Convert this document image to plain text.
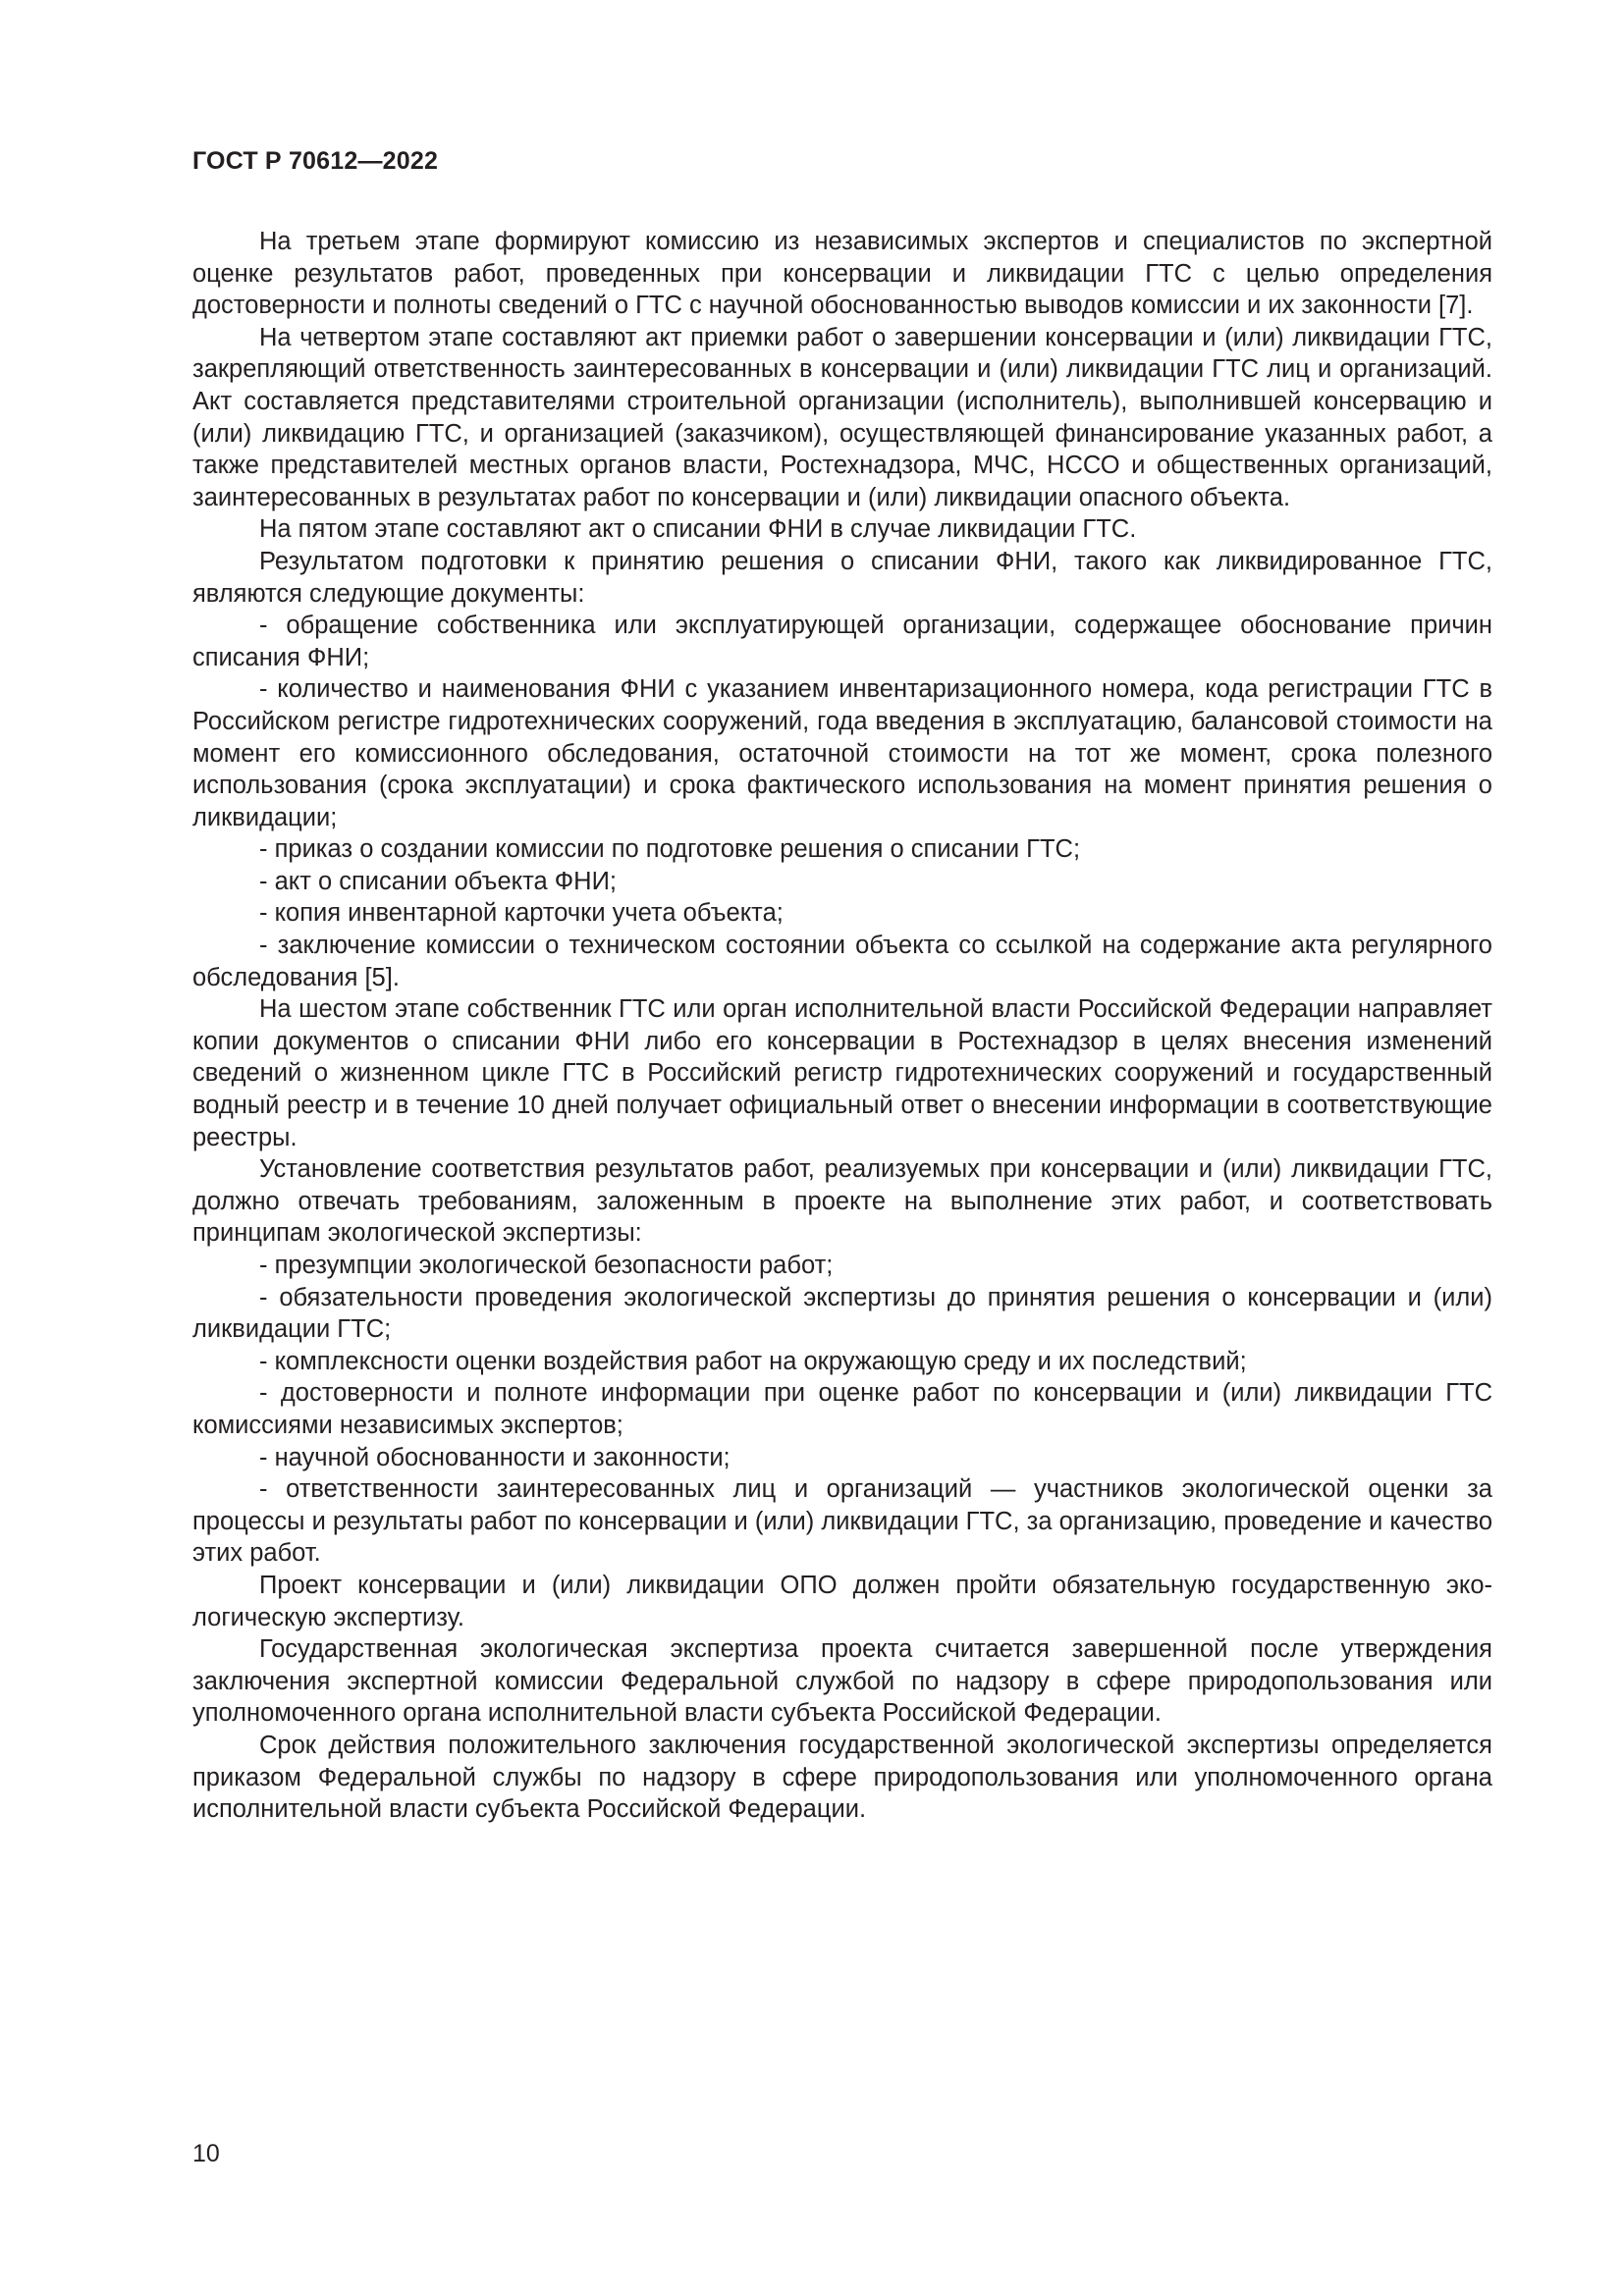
ГОСТ Р 70612—2022

На третьем этапе формируют комиссию из независимых экспертов и специалистов по экспертной оценке результатов работ, проведенных при консервации и ликвидации ГТС с целью определения достоверности и полноты сведений о ГТС с научной обоснованностью выводов комиссии и их законности [7].

На четвертом этапе составляют акт приемки работ о завершении консервации и (или) ликвидации ГТС, закрепляющий ответственность заинтересованных в консервации и (или) ликвидации ГТС лиц и организаций. Акт составляется представителями строительной организации (исполнитель), выполнившей консервацию и (или) ликвидацию ГТС, и организацией (заказчиком), осуществляющей финансирование указанных работ, а также представителей местных органов власти, Ростехнадзора, МЧС, НССО и общественных организаций, заинтересованных в результатах работ по консервации и (или) ликвидации опасного объекта.

На пятом этапе составляют акт о списании ФНИ в случае ликвидации ГТС.

Результатом подготовки к принятию решения о списании ФНИ, такого как ликвидированное ГТС, являются следующие документы:

- обращение собственника или эксплуатирующей организации, содержащее обоснование причин списания ФНИ;

- количество и наименования ФНИ с указанием инвентаризационного номера, кода регистрации ГТС в Российском регистре гидротехнических сооружений, года введения в эксплуатацию, балансовой стоимости на момент его комиссионного обследования, остаточной стоимости на тот же момент, срока полезного использования (срока эксплуатации) и срока фактического использования на момент принятия решения о ликвидации;

- приказ о создании комиссии по подготовке решения о списании ГТС;

- акт о списании объекта ФНИ;

- копия инвентарной карточки учета объекта;

- заключение комиссии о техническом состоянии объекта со ссылкой на содержание акта регулярного обследования [5].

На шестом этапе собственник ГТС или орган исполнительной власти Российской Федерации направляет копии документов о списании ФНИ либо его консервации в Ростехнадзор в целях внесения изменений сведений о жизненном цикле ГТС в Российский регистр гидротехнических сооружений и государственный водный реестр и в течение 10 дней получает официальный ответ о внесении информации в соответствующие реестры.

Установление соответствия результатов работ, реализуемых при консервации и (или) ликвидации ГТС, должно отвечать требованиям, заложенным в проекте на выполнение этих работ, и соответствовать принципам экологической экспертизы:

- презумпции экологической безопасности работ;

- обязательности проведения экологической экспертизы до принятия решения о консервации и (или) ликвидации ГТС;

- комплексности оценки воздействия работ на окружающую среду и их последствий;

- достоверности и полноте информации при оценке работ по консервации и (или) ликвидации ГТС комиссиями независимых экспертов;

- научной обоснованности и законности;

- ответственности заинтересованных лиц и организаций — участников экологической оценки за процессы и результаты работ по консервации и (или) ликвидации ГТС, за организацию, проведение и качество этих работ.

Проект консервации и (или) ликвидации ОПО должен пройти обязательную государственную экологическую экспертизу.

Государственная экологическая экспертиза проекта считается завершенной после утверждения заключения экспертной комиссии Федеральной службой по надзору в сфере природопользования или уполномоченного органа исполнительной власти субъекта Российской Федерации.

Срок действия положительного заключения государственной экологической экспертизы определяется приказом Федеральной службы по надзору в сфере природопользования или уполномоченного органа исполнительной власти субъекта Российской Федерации.

10
